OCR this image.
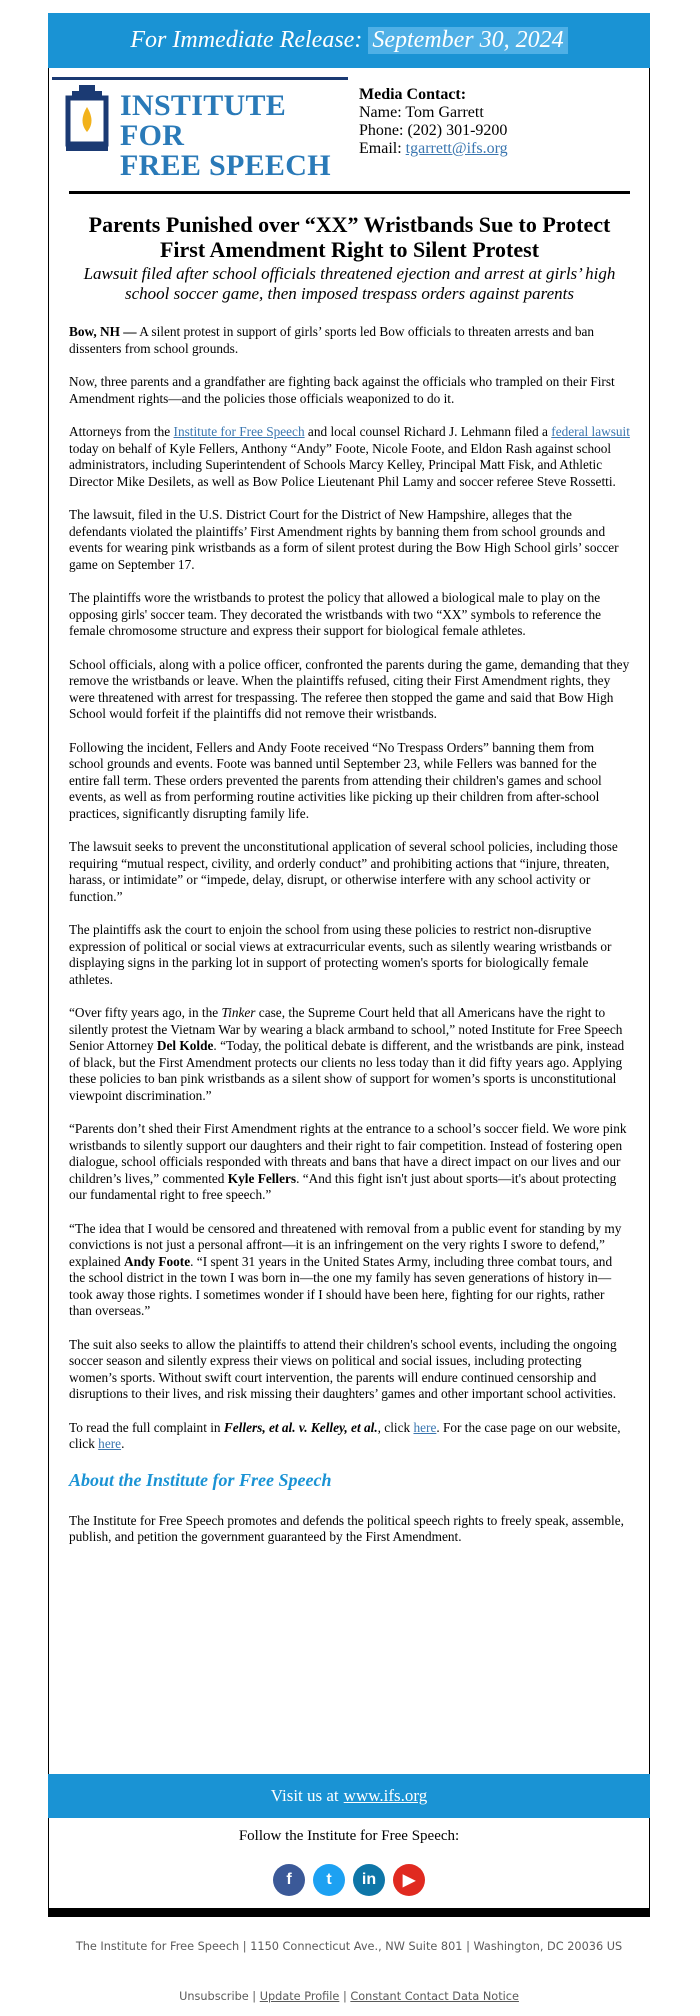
For Immediate Release: September 30, 2024
INSTITUTE FOR
FREE SPEECH
Media Contact:
Name: Tom Garrett
Phone: (202) 301-9200
Email: tgarrett@ifs.org
Parents Punished over “XX” Wristbands Sue to Protect First Amendment Right to Silent Protest
Lawsuit filed after school officials threatened ejection and arrest at girls’ high school soccer game, then imposed trespass orders against parents

Bow, NH — A silent protest in support of girls’ sports led Bow officials to threaten arrests and ban dissenters from school grounds.

Now, three parents and a grandfather are fighting back against the officials who trampled on their First Amendment rights—and the policies those officials weaponized to do it.

Attorneys from the Institute for Free Speech and local counsel Richard J. Lehmann filed a federal lawsuit today on behalf of Kyle Fellers, Anthony “Andy” Foote, Nicole Foote, and Eldon Rash against school administrators, including Superintendent of Schools Marcy Kelley, Principal Matt Fisk, and Athletic Director Mike Desilets, as well as Bow Police Lieutenant Phil Lamy and soccer referee Steve Rossetti.

The lawsuit, filed in the U.S. District Court for the District of New Hampshire, alleges that the defendants violated the plaintiffs’ First Amendment rights by banning them from school grounds and events for wearing pink wristbands as a form of silent protest during the Bow High School girls’ soccer game on September 17.

The plaintiffs wore the wristbands to protest the policy that allowed a biological male to play on the opposing girls' soccer team. They decorated the wristbands with two “XX” symbols to reference the female chromosome structure and express their support for biological female athletes.

School officials, along with a police officer, confronted the parents during the game, demanding that they remove the wristbands or leave. When the plaintiffs refused, citing their First Amendment rights, they were threatened with arrest for trespassing. The referee then stopped the game and said that Bow High School would forfeit if the plaintiffs did not remove their wristbands.

Following the incident, Fellers and Andy Foote received “No Trespass Orders” banning them from school grounds and events. Foote was banned until September 23, while Fellers was banned for the entire fall term. These orders prevented the parents from attending their children's games and school events, as well as from performing routine activities like picking up their children from after-school practices, significantly disrupting family life.

The lawsuit seeks to prevent the unconstitutional application of several school policies, including those requiring “mutual respect, civility, and orderly conduct” and prohibiting actions that “injure, threaten, harass, or intimidate” or “impede, delay, disrupt, or otherwise interfere with any school activity or function.”

The plaintiffs ask the court to enjoin the school from using these policies to restrict non-disruptive expression of political or social views at extracurricular events, such as silently wearing wristbands or displaying signs in the parking lot in support of protecting women's sports for biologically female athletes.

“Over fifty years ago, in the Tinker case, the Supreme Court held that all Americans have the right to silently protest the Vietnam War by wearing a black armband to school,” noted Institute for Free Speech Senior Attorney Del Kolde. “Today, the political debate is different, and the wristbands are pink, instead of black, but the First Amendment protects our clients no less today than it did fifty years ago. Applying these policies to ban pink wristbands as a silent show of support for women’s sports is unconstitutional viewpoint discrimination.”

“Parents don’t shed their First Amendment rights at the entrance to a school’s soccer field. We wore pink wristbands to silently support our daughters and their right to fair competition. Instead of fostering open dialogue, school officials responded with threats and bans that have a direct impact on our lives and our children’s lives,” commented Kyle Fellers. “And this fight isn't just about sports—it's about protecting our fundamental right to free speech.”

“The idea that I would be censored and threatened with removal from a public event for standing by my convictions is not just a personal affront—it is an infringement on the very rights I swore to defend,” explained Andy Foote. “I spent 31 years in the United States Army, including three combat tours, and the school district in the town I was born in—the one my family has seven generations of history in—took away those rights. I sometimes wonder if I should have been here, fighting for our rights, rather than overseas.”

The suit also seeks to allow the plaintiffs to attend their children's school events, including the ongoing soccer season and silently express their views on political and social issues, including protecting women’s sports. Without swift court intervention, the parents will endure continued censorship and disruptions to their lives, and risk missing their daughters’ games and other important school activities.

To read the full complaint in Fellers, et al. v. Kelley, et al., click here. For the case page on our website, click here.

About the Institute for Free Speech

The Institute for Free Speech promotes and defends the political speech rights to freely speak, assemble, publish, and petition the government guaranteed by the First Amendment.

Visit us at www.ifs.org
Follow the Institute for Free Speech:
f	t	in	▶
The Institute for Free Speech | 1150 Connecticut Ave., NW Suite 801 | Washington, DC 20036 US
Unsubscribe | Update Profile | Constant Contact Data Notice
